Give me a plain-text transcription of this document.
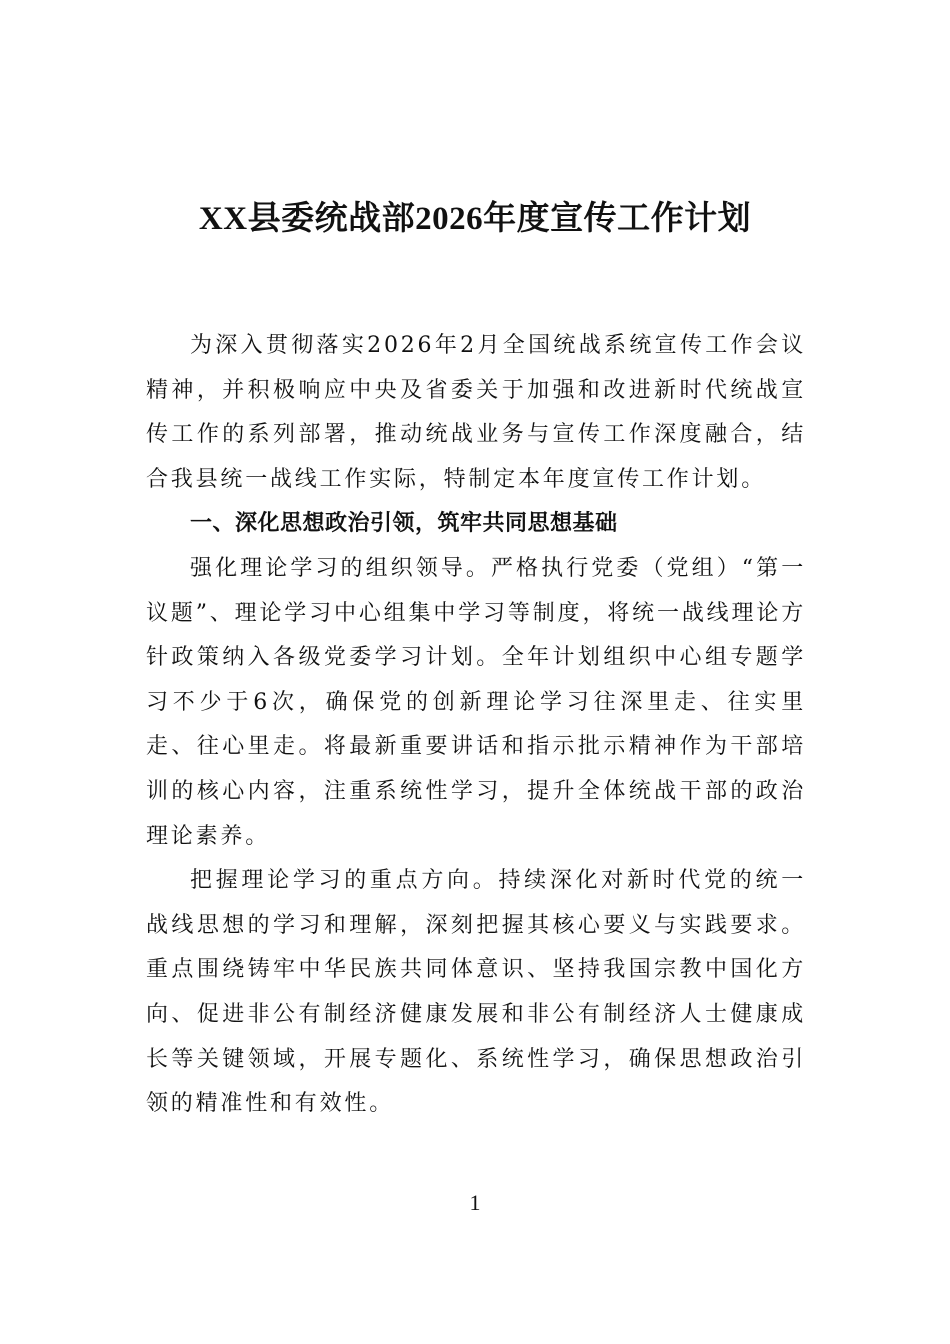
XX县委统战部2026年度宣传工作计划

为深入贯彻落实2026年2月全国统战系统宣传工作会议精神，并积极响应中央及省委关于加强和改进新时代统战宣传工作的系列部署，推动统战业务与宣传工作深度融合，结合我县统一战线工作实际，特制定本年度宣传工作计划。

一、深化思想政治引领，筑牢共同思想基础

强化理论学习的组织领导。严格执行党委（党组）“第一议题”、理论学习中心组集中学习等制度，将统一战线理论方针政策纳入各级党委学习计划。全年计划组织中心组专题学习不少于6次，确保党的创新理论学习往深里走、往实里走、往心里走。将最新重要讲话和指示批示精神作为干部培训的核心内容，注重系统性学习，提升全体统战干部的政治理论素养。

把握理论学习的重点方向。持续深化对新时代党的统一战线思想的学习和理解，深刻把握其核心要义与实践要求。重点围绕铸牢中华民族共同体意识、坚持我国宗教中国化方向、促进非公有制经济健康发展和非公有制经济人士健康成长等关键领域，开展专题化、系统性学习，确保思想政治引领的精准性和有效性。

1
